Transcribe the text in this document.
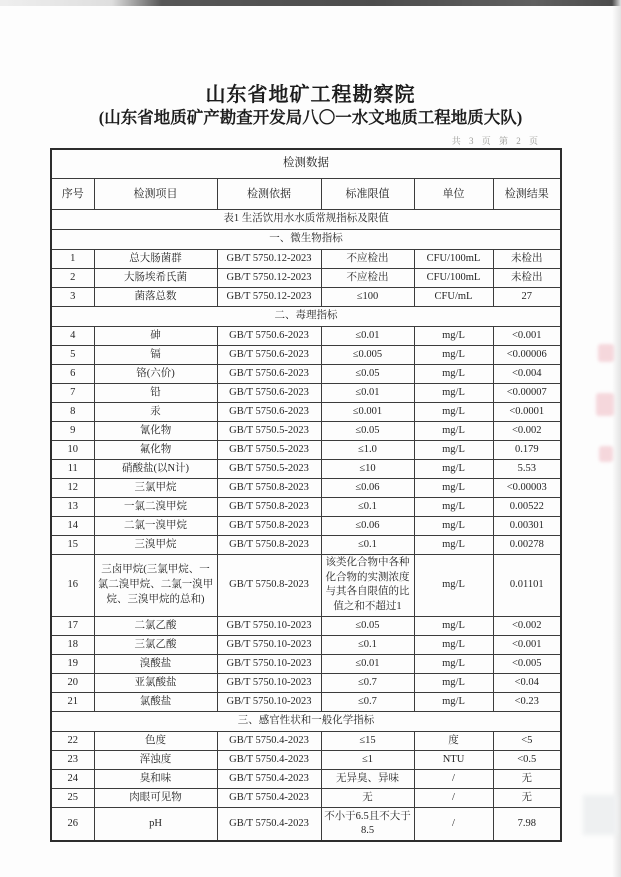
山东省地矿工程勘察院
(山东省地质矿产勘查开发局八〇一水文地质工程地质大队)
共 3 页 第 2 页
检测数据					
序号	检测项目	检测依据	标准限值	单位	检测结果
表1 生活饮用水水质常规指标及限值					
一、微生物指标					
1	总大肠菌群	GB/T 5750.12-2023	不应检出	CFU/100mL	未检出
2	大肠埃希氏菌	GB/T 5750.12-2023	不应检出	CFU/100mL	未检出
3	菌落总数	GB/T 5750.12-2023	≤100	CFU/mL	27
二、毒理指标					
4	砷	GB/T 5750.6-2023	≤0.01	mg/L	<0.001
5	镉	GB/T 5750.6-2023	≤0.005	mg/L	<0.00006
6	铬(六价)	GB/T 5750.6-2023	≤0.05	mg/L	<0.004
7	铅	GB/T 5750.6-2023	≤0.01	mg/L	<0.00007
8	汞	GB/T 5750.6-2023	≤0.001	mg/L	<0.0001
9	氰化物	GB/T 5750.5-2023	≤0.05	mg/L	<0.002
10	氟化物	GB/T 5750.5-2023	≤1.0	mg/L	0.179
11	硝酸盐(以N计)	GB/T 5750.5-2023	≤10	mg/L	5.53
12	三氯甲烷	GB/T 5750.8-2023	≤0.06	mg/L	<0.00003
13	一氯二溴甲烷	GB/T 5750.8-2023	≤0.1	mg/L	0.00522
14	二氯一溴甲烷	GB/T 5750.8-2023	≤0.06	mg/L	0.00301
15	三溴甲烷	GB/T 5750.8-2023	≤0.1	mg/L	0.00278
16	三卤甲烷(三氯甲烷、一氯二溴甲烷、二氯一溴甲烷、三溴甲烷的总和)	GB/T 5750.8-2023	该类化合物中各种化合物的实测浓度与其各自限值的比值之和不超过1	mg/L	0.01101
17	二氯乙酸	GB/T 5750.10-2023	≤0.05	mg/L	<0.002
18	三氯乙酸	GB/T 5750.10-2023	≤0.1	mg/L	<0.001
19	溴酸盐	GB/T 5750.10-2023	≤0.01	mg/L	<0.005
20	亚氯酸盐	GB/T 5750.10-2023	≤0.7	mg/L	<0.04
21	氯酸盐	GB/T 5750.10-2023	≤0.7	mg/L	<0.23
三、感官性状和一般化学指标					
22	色度	GB/T 5750.4-2023	≤15	度	<5
23	浑浊度	GB/T 5750.4-2023	≤1	NTU	<0.5
24	臭和味	GB/T 5750.4-2023	无异臭、异味	/	无
25	肉眼可见物	GB/T 5750.4-2023	无	/	无
26	pH	GB/T 5750.4-2023	不小于6.5且不大于8.5	/	7.98
